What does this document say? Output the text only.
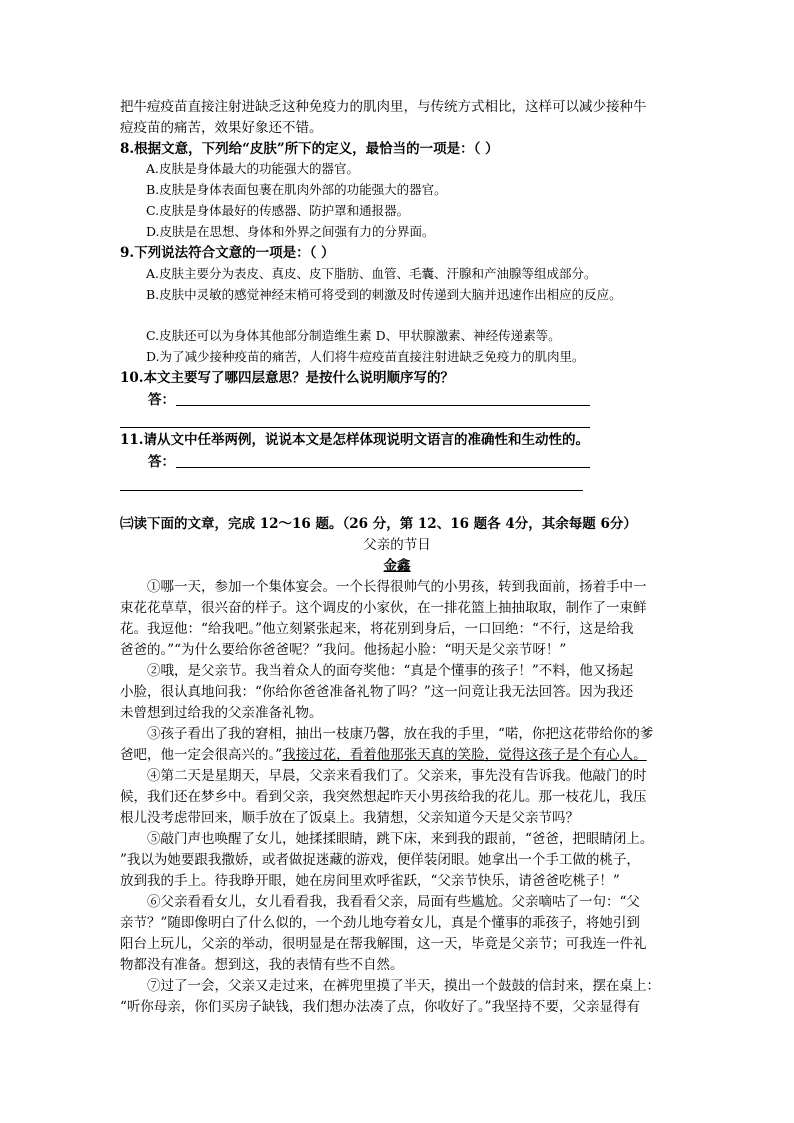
把牛痘疫苗直接注射进缺乏这种免疫力的肌肉里，与传统方式相比，这样可以减少接种牛
痘疫苗的痛苦，效果好象还不错。
8.根据文意，下列给“皮肤”所下的定义，最恰当的一项是：（ ）
A.皮肤是身体最大的功能强大的器官。
B.皮肤是身体表面包裹在肌肉外部的功能强大的器官。
C.皮肤是身体最好的传感器、防护罩和通报器。
D.皮肤是在思想、身体和外界之间强有力的分界面。
9.下列说法符合文意的一项是：（ ）
A.皮肤主要分为表皮、真皮、皮下脂肪、血管、毛囊、汗腺和产油腺等组成部分。
B.皮肤中灵敏的感觉神经末梢可将受到的刺激及时传递到大脑并迅速作出相应的反应。
C.皮肤还可以为身体其他部分制造维生素 D、甲状腺激素、神经传递素等。
D.为了减少接种疫苗的痛苦，人们将牛痘疫苗直接注射进缺乏免疫力的肌肉里。
10.本文主要写了哪四层意思？是按什么说明顺序写的？
答：
11.请从文中任举两例，说说本文是怎样体现说明文语言的准确性和生动性的。
答：
㈢读下面的文章，完成 12～16 题。（26 分，第 12、16 题各 4分，其余每题 6分）
父亲的节日
金鑫
①哪一天，参加一个集体宴会。一个长得很帅气的小男孩，转到我面前，扬着手中一
束花花草草，很兴奋的样子。这个调皮的小家伙，在一排花篮上抽抽取取，制作了一束鲜
花。我逗他：“给我吧。”他立刻紧张起来，将花别到身后，一口回绝：“不行，这是给我
爸爸的。”“为什么要给你爸爸呢？”我问。他扬起小脸：“明天是父亲节呀！”
②哦，是父亲节。我当着众人的面夸奖他：“真是个懂事的孩子！”不料，他又扬起
小脸，很认真地问我：“你给你爸爸准备礼物了吗？”这一问竟让我无法回答。因为我还
未曾想到过给我的父亲准备礼物。
③孩子看出了我的窘相，抽出一枝康乃馨，放在我的手里，“喏，你把这花带给你的爹
爸吧，他一定会很高兴的。”我接过花，看着他那张天真的笑脸，觉得这孩子是个有心人。
④第二天是星期天，早晨，父亲来看我们了。父亲来，事先没有告诉我。他敲门的时
候，我们还在梦乡中。看到父亲，我突然想起昨天小男孩给我的花儿。那一枝花儿，我压
根儿没考虑带回来，顺手放在了饭桌上。我猜想，父亲知道今天是父亲节吗？
⑤敲门声也唤醒了女儿，她揉揉眼睛，跳下床，来到我的跟前，“爸爸，把眼睛闭上。
”我以为她要跟我撒娇，或者做捉迷藏的游戏，便佯装闭眼。她拿出一个手工做的桃子，
放到我的手上。待我睁开眼，她在房间里欢呼雀跃，“父亲节快乐，请爸爸吃桃子！”
⑥父亲看看女儿，女儿看看我，我看看父亲，局面有些尴尬。父亲嘀咕了一句：“父
亲节？”随即像明白了什么似的，一个劲儿地夸着女儿，真是个懂事的乖孩子，将她引到
阳台上玩儿，父亲的举动，很明显是在帮我解围，这一天，毕竟是父亲节；可我连一件礼
物都没有准备。想到这，我的表情有些不自然。
⑦过了一会，父亲又走过来，在裤兜里摸了半天，摸出一个鼓鼓的信封来，摆在桌上：
“听你母亲，你们买房子缺钱，我们想办法凑了点，你收好了。”我坚持不要，父亲显得有
